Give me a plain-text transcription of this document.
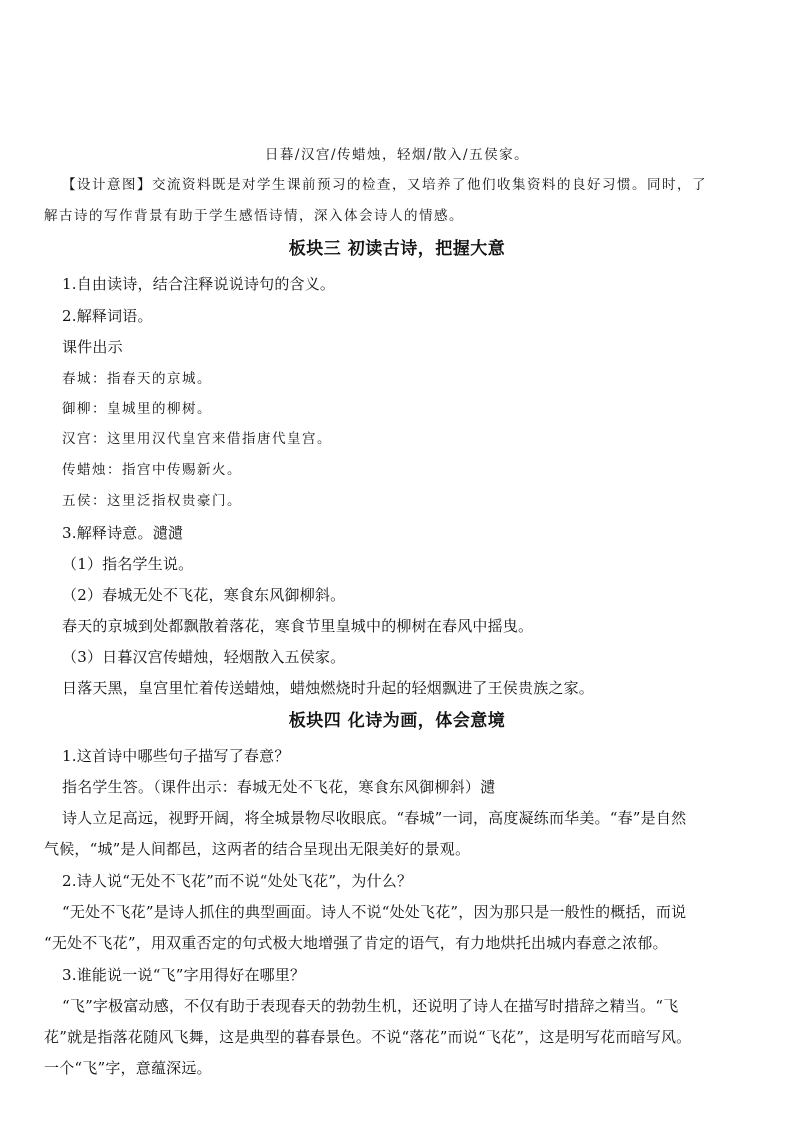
日暮/汉宫/传蜡烛，轻烟/散入/五侯家。
【设计意图】交流资料既是对学生课前预习的检查，又培养了他们收集资料的良好习惯。同时，了
解古诗的写作背景有助于学生感悟诗情，深入体会诗人的情感。
板块三 初读古诗，把握大意
1.自由读诗，结合注释说说诗句的含义。
2.解释词语。
课件出示
春城：指春天的京城。
御柳：皇城里的柳树。
汉宫：这里用汉代皇宫来借指唐代皇宫。
传蜡烛：指宫中传赐新火。
五侯：这里泛指权贵豪门。
3.解释诗意。瀢瀢
（1）指名学生说。
（2）春城无处不飞花，寒食东风御柳斜。
春天的京城到处都飘散着落花，寒食节里皇城中的柳树在春风中摇曳。
（3）日暮汉宫传蜡烛，轻烟散入五侯家。
日落天黑，皇宫里忙着传送蜡烛，蜡烛燃烧时升起的轻烟飘进了王侯贵族之家。
板块四 化诗为画，体会意境
1.这首诗中哪些句子描写了春意？
指名学生答。（课件出示：春城无处不飞花，寒食东风御柳斜）瀢
诗人立足高远，视野开阔，将全城景物尽收眼底。“春城”一词，高度凝练而华美。“春”是自然
气候，“城”是人间都邑，这两者的结合呈现出无限美好的景观。
2.诗人说“无处不飞花”而不说“处处飞花”，为什么？
“无处不飞花”是诗人抓住的典型画面。诗人不说“处处飞花”，因为那只是一般性的概括，而说
“无处不飞花”，用双重否定的句式极大地增强了肯定的语气，有力地烘托出城内春意之浓郁。
3.谁能说一说“飞”字用得好在哪里？
“飞”字极富动感，不仅有助于表现春天的勃勃生机，还说明了诗人在描写时措辞之精当。“飞
花”就是指落花随风飞舞，这是典型的暮春景色。不说“落花”而说“飞花”，这是明写花而暗写风。
一个“飞”字，意蕴深远。
